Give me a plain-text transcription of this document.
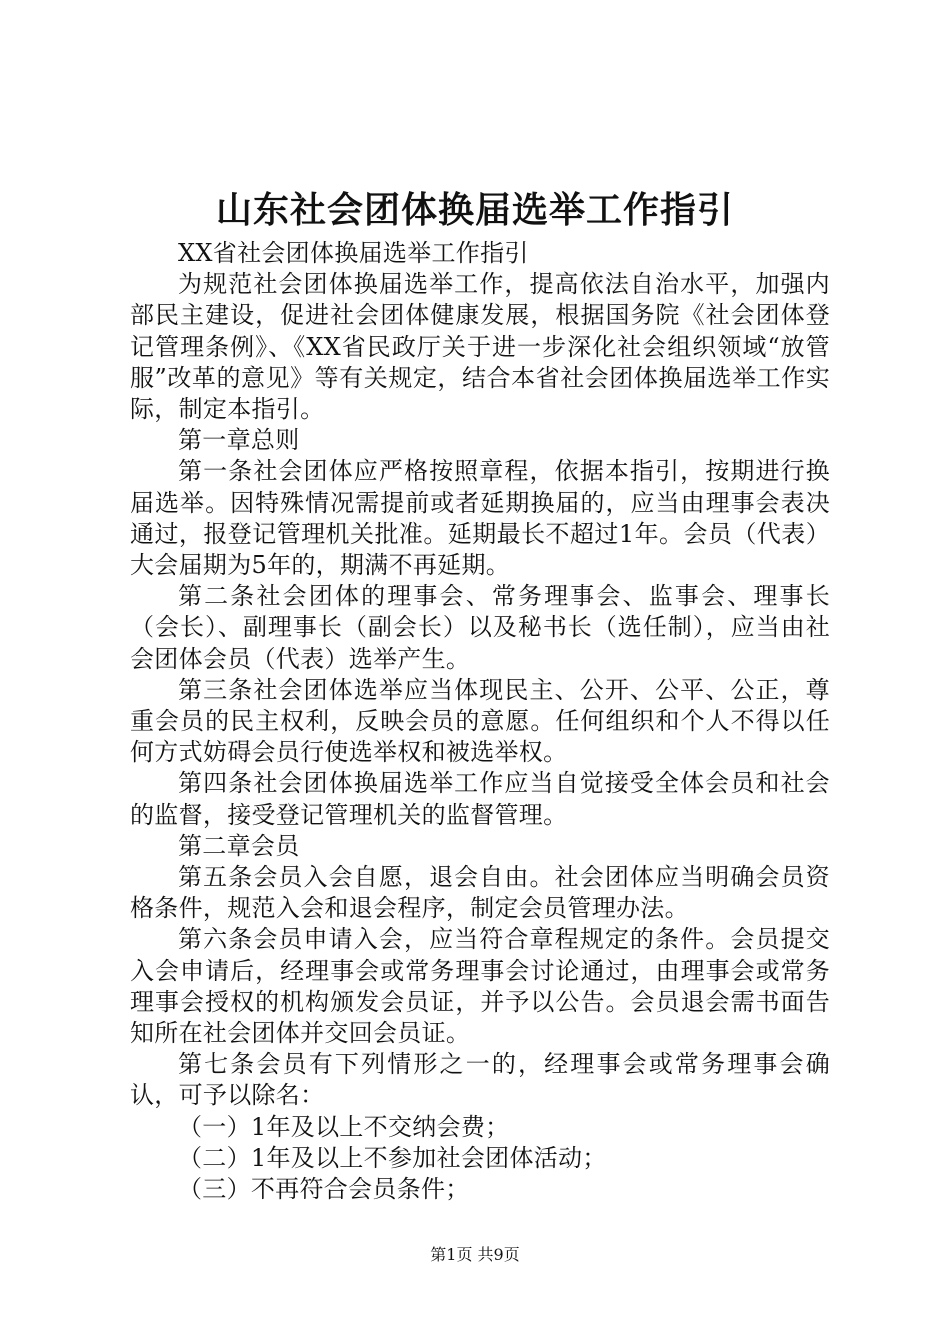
山东社会团体换届选举工作指引

XX省社会团体换届选举工作指引

为规范社会团体换届选举工作，提高依法自治水平，加强内部民主建设，促进社会团体健康发展，根据国务院《社会团体登记管理条例》、《XX省民政厅关于进一步深化社会组织领域“放管服”改革的意见》等有关规定，结合本省社会团体换届选举工作实际，制定本指引。

第一章总则

第一条社会团体应严格按照章程，依据本指引，按期进行换届选举。因特殊情况需提前或者延期换届的，应当由理事会表决通过，报登记管理机关批准。延期最长不超过1年。会员（代表）大会届期为5年的，期满不再延期。

第二条社会团体的理事会、常务理事会、监事会、理事长（会长）、副理事长（副会长）以及秘书长（选任制），应当由社会团体会员（代表）选举产生。

第三条社会团体选举应当体现民主、公开、公平、公正，尊重会员的民主权利，反映会员的意愿。任何组织和个人不得以任何方式妨碍会员行使选举权和被选举权。

第四条社会团体换届选举工作应当自觉接受全体会员和社会的监督，接受登记管理机关的监督管理。

第二章会员

第五条会员入会自愿，退会自由。社会团体应当明确会员资格条件，规范入会和退会程序，制定会员管理办法。

第六条会员申请入会，应当符合章程规定的条件。会员提交入会申请后，经理事会或常务理事会讨论通过，由理事会或常务理事会授权的机构颁发会员证，并予以公告。会员退会需书面告知所在社会团体并交回会员证。

第七条会员有下列情形之一的，经理事会或常务理事会确认，可予以除名：

（一）1年及以上不交纳会费；

（二）1年及以上不参加社会团体活动；

（三）不再符合会员条件；

第1页 共9页
